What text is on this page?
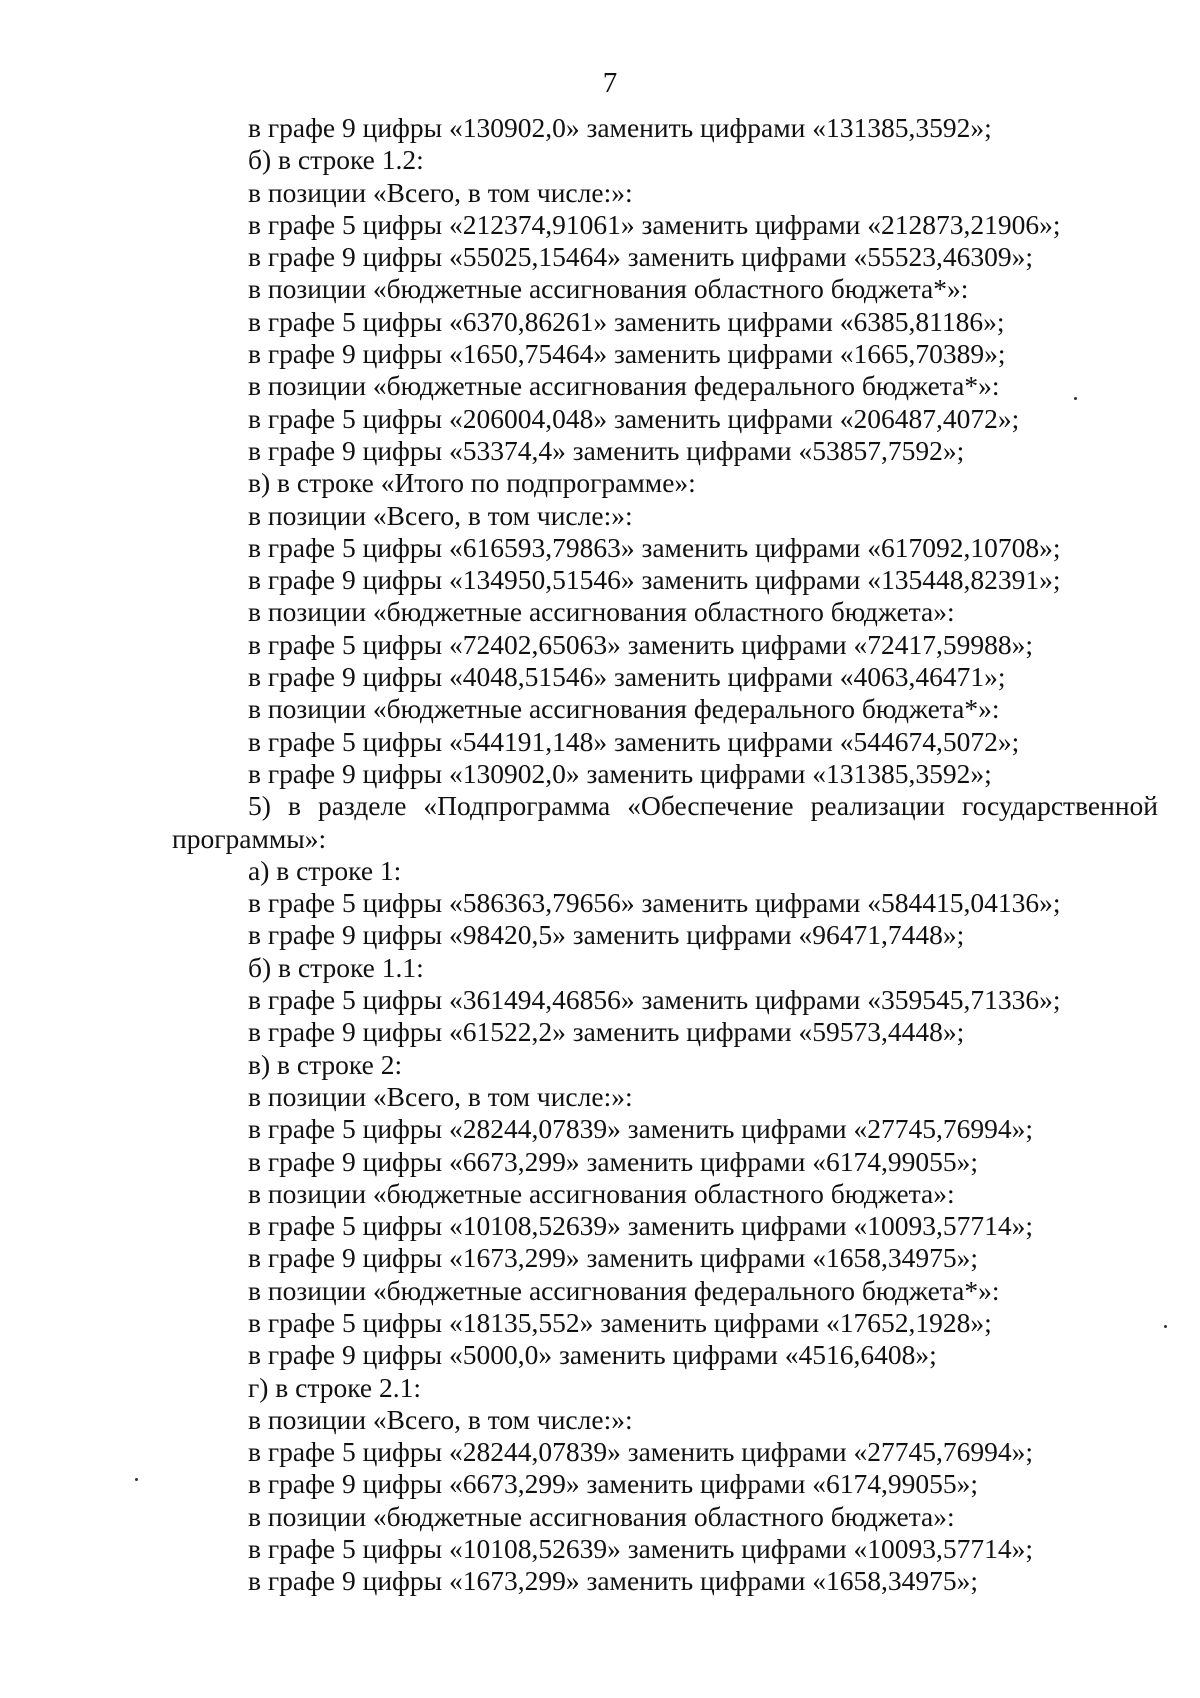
7
в графе 9 цифры «130902,0» заменить цифрами «131385,3592»;
б) в строке 1.2:
в позиции «Всего, в том числе:»:
в графе 5 цифры «212374,91061» заменить цифрами «212873,21906»;
в графе 9 цифры «55025,15464» заменить цифрами «55523,46309»;
в позиции «бюджетные ассигнования областного бюджета*»:
в графе 5 цифры «6370,86261» заменить цифрами «6385,81186»;
в графе 9 цифры «1650,75464» заменить цифрами «1665,70389»;
в позиции «бюджетные ассигнования федерального бюджета*»:
в графе 5 цифры «206004,048» заменить цифрами «206487,4072»;
в графе 9 цифры «53374,4» заменить цифрами «53857,7592»;
в) в строке «Итого по подпрограмме»:
в позиции «Всего, в том числе:»:
в графе 5 цифры «616593,79863» заменить цифрами «617092,10708»;
в графе 9 цифры «134950,51546» заменить цифрами «135448,82391»;
в позиции «бюджетные ассигнования областного бюджета»:
в графе 5 цифры «72402,65063» заменить цифрами «72417,59988»;
в графе 9 цифры «4048,51546» заменить цифрами «4063,46471»;
в позиции «бюджетные ассигнования федерального бюджета*»:
в графе 5 цифры «544191,148» заменить цифрами «544674,5072»;
в графе 9 цифры «130902,0» заменить цифрами «131385,3592»;
5) в разделе «Подпрограмма «Обеспечение реализации государственной
программы»:
а) в строке 1:
в графе 5 цифры «586363,79656» заменить цифрами «584415,04136»;
в графе 9 цифры «98420,5» заменить цифрами «96471,7448»;
б) в строке 1.1:
в графе 5 цифры «361494,46856» заменить цифрами «359545,71336»;
в графе 9 цифры «61522,2» заменить цифрами «59573,4448»;
в) в строке 2:
в позиции «Всего, в том числе:»:
в графе 5 цифры «28244,07839» заменить цифрами «27745,76994»;
в графе 9 цифры «6673,299» заменить цифрами «6174,99055»;
в позиции «бюджетные ассигнования областного бюджета»:
в графе 5 цифры «10108,52639» заменить цифрами «10093,57714»;
в графе 9 цифры «1673,299» заменить цифрами «1658,34975»;
в позиции «бюджетные ассигнования федерального бюджета*»:
в графе 5 цифры «18135,552» заменить цифрами «17652,1928»;
в графе 9 цифры «5000,0» заменить цифрами «4516,6408»;
г) в строке 2.1:
в позиции «Всего, в том числе:»:
в графе 5 цифры «28244,07839» заменить цифрами «27745,76994»;
в графе 9 цифры «6673,299» заменить цифрами «6174,99055»;
в позиции «бюджетные ассигнования областного бюджета»:
в графе 5 цифры «10108,52639» заменить цифрами «10093,57714»;
в графе 9 цифры «1673,299» заменить цифрами «1658,34975»;
